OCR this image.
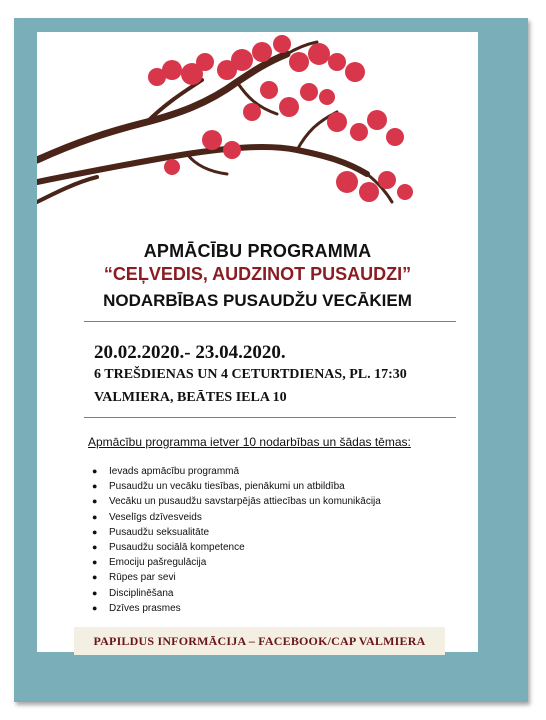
APMĀCĪBU PROGRAMMA
“CEĻVEDIS, AUDZINOT PUSAUDZI”
NODARBĪBAS PUSAUDŽU VECĀKIEM
20.02.2020.- 23.04.2020.
6 TREŠDIENAS UN 4 CETURTDIENAS, PL. 17:30
VALMIERA, BEĀTES IELA 10
Apmācību programma ietver 10 nodarbības un šādas tēmas:
● Ievads apmācību programmā
● Pusaudžu un vecāku tiesības, pienākumi un atbildība
● Vecāku un pusaudžu savstarpējās attiecības un komunikācija
● Veselīgs dzīvesveids
● Pusaudžu seksualitāte
● Pusaudžu sociālā kompetence
● Emociju pašregulācija
● Rūpes par sevi
● Disciplinēšana
● Dzīves prasmes
PAPILDUS INFORMĀCIJA – FACEBOOK/CAP VALMIERA
